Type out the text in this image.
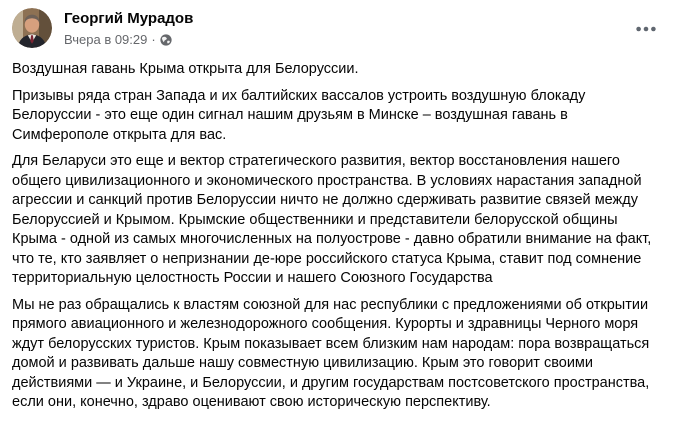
Георгий Мурадов
Вчера в 09:29 ·

Воздушная гавань Крыма открыта для Белоруссии.

Призывы ряда стран Запада и их балтийских вассалов устроить воздушную блокаду Белоруссии - это еще один сигнал нашим друзьям в Минске – воздушная гавань в Симферополе открыта для вас.

Для Беларуси это еще и вектор стратегического развития, вектор восстановления нашего общего цивилизационного и экономического пространства. В условиях нарастания западной агрессии и санкций против Белоруссии ничто не должно сдерживать развитие связей между Белоруссией и Крымом. Крымские общественники и представители белорусской общины Крыма - одной из самых многочисленных на полуострове - давно обратили внимание на факт, что те, кто заявляет о непризнании де-юре российского статуса Крыма, ставит под сомнение территориальную целостность России и нашего Союзного Государства

Мы не раз обращались к властям союзной для нас республики с предложениями об открытии прямого авиационного и железнодорожного сообщения. Курорты и здравницы Черного моря ждут белорусских туристов. Крым показывает всем близким нам народам: пора возвращаться домой и развивать дальше нашу совместную цивилизацию. Крым это говорит своими действиями — и Украине, и Белоруссии, и другим государствам постсоветского пространства, если они, конечно, здраво оценивают свою историческую перспективу.
